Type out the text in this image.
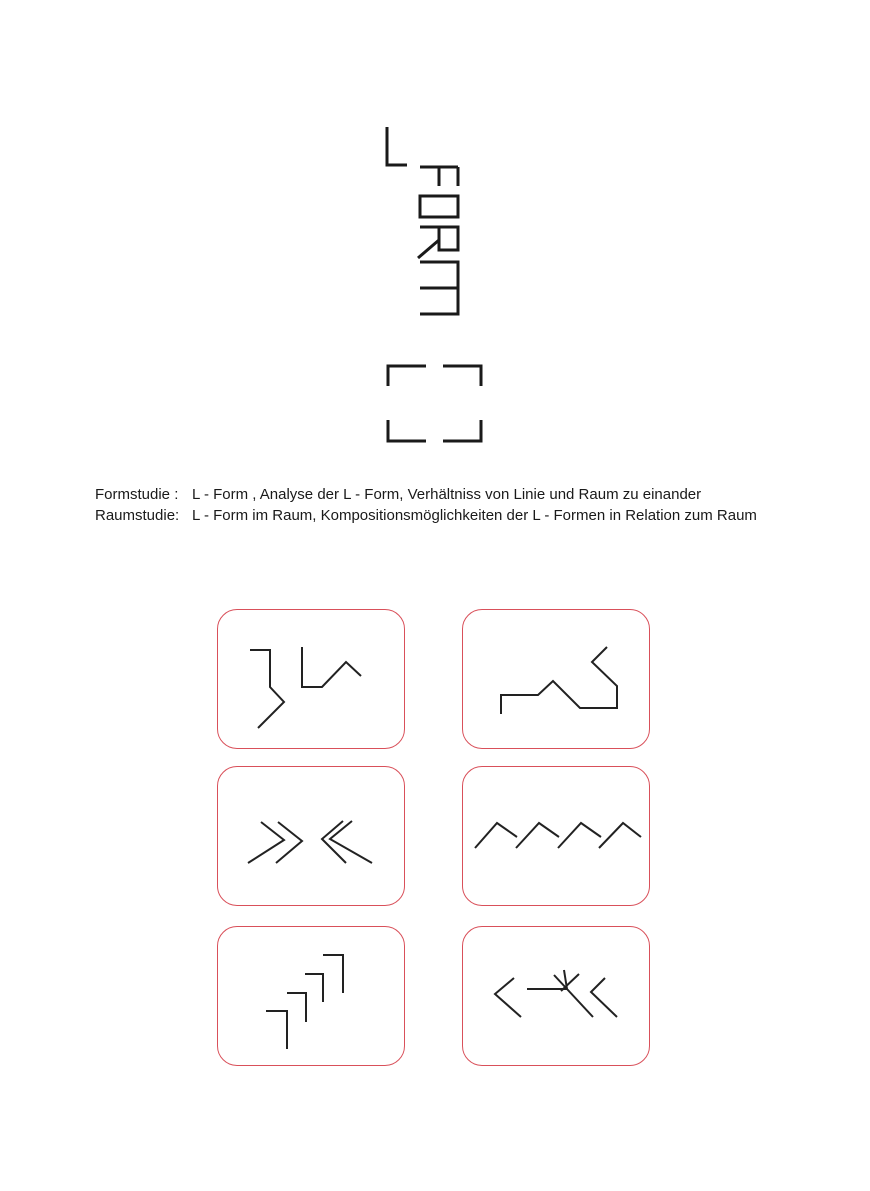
Formstudie : L - Form , Analyse der L - Form, Verhältniss von Linie und Raum zu einander
Raumstudie: L - Form im Raum, Kompositionsmöglichkeiten der L - Formen in Relation zum Raum
